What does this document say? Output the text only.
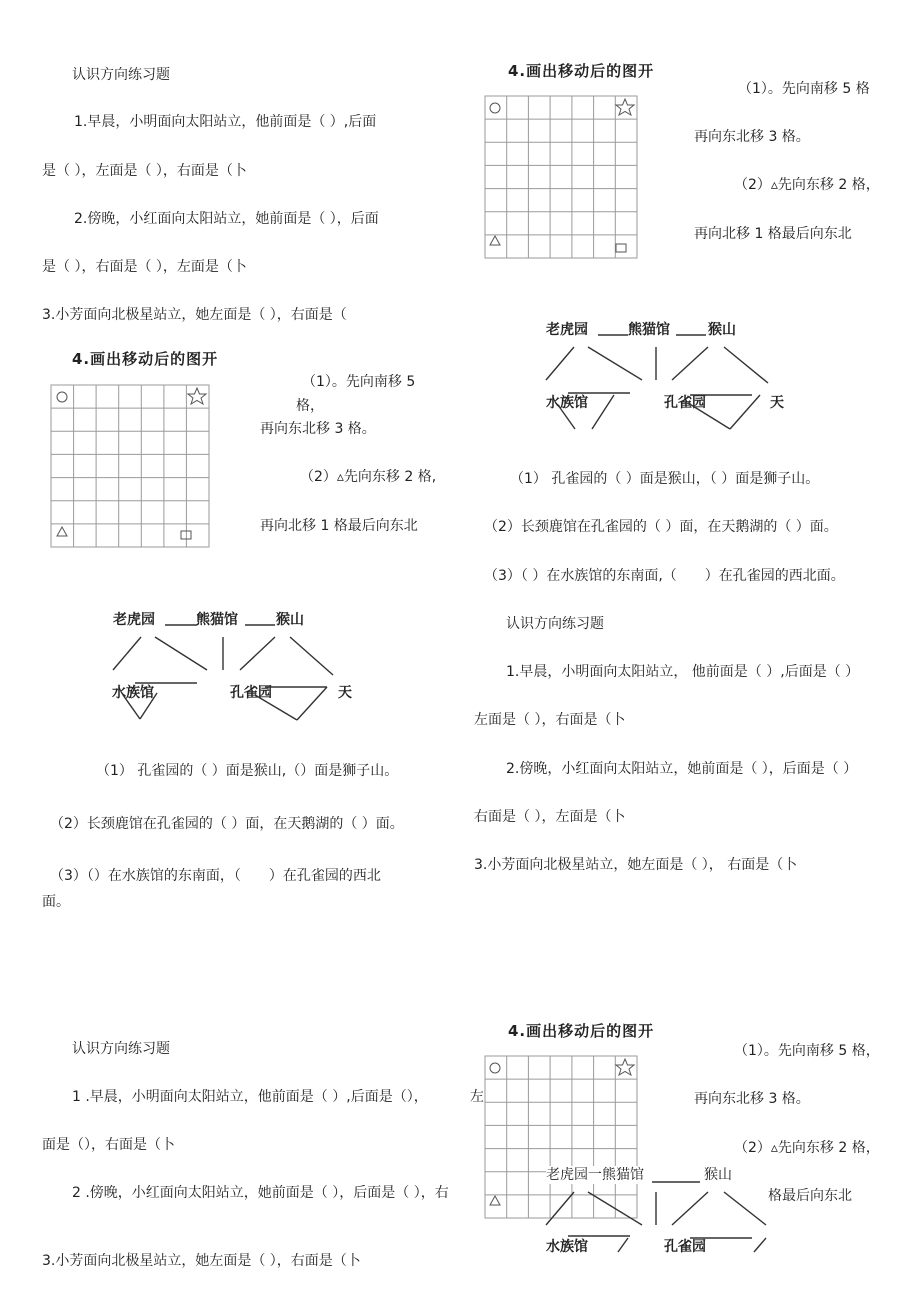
认识方向练习题
1.早晨，小明面向太阳站立，他前面是（ ）,后面
是（ ），左面是（ ），右面是（卜
2.傍晚，小红面向太阳站立，她前面是（ ），后面
是（ ），右面是（ ），左面是（卜
3.小芳面向北极星站立，她左面是（ ），右面是（
4.画出移动后的图开
（1）。先向南移 5
格，
再向东北移 3 格。
（2）▵先向东移 2 格,
再向北移 1 格最后向东北
老虎园	熊猫馆	猴山
水族馆	孔雀园	天
（1） 孔雀园的（ ）面是猴山,（）面是狮子山。
（2）长颈鹿馆在孔雀园的（ ）面，在天鹅湖的（ ）面。
（3）（）在水族馆的东南面，（　　）在孔雀园的西北
面。
4.画出移动后的图开
（1）。先向南移 5 格
再向东北移 3 格。
（2）▵先向东移 2 格，
再向北移 1 格最后向东北
老虎园	熊猫馆	猴山
水族馆	孔雀园	天
（1） 孔雀园的（ ）面是猴山，（ ）面是狮子山。
（2）长颈鹿馆在孔雀园的（ ）面，在天鹅湖的（ ）面。
（3）（ ）在水族馆的东南面,（　　）在孔雀园的西北面。
认识方向练习题
1.早晨，小明面向太阳站立， 他前面是（ ）,后面是（ ）
左面是（ ），右面是（卜
2.傍晚，小红面向太阳站立，她前面是（ ），后面是（ ）
右面是（ ），左面是（卜
3.小芳面向北极星站立，她左面是（ ）， 右面是（卜
认识方向练习题
1 .早晨，小明面向太阳站立，他前面是（ ）,后面是（），	左
面是（），右面是（卜
2 .傍晚，小红面向太阳站立，她前面是（ ），后面是（ ），右
3.小芳面向北极星站立，她左面是（ ），右面是（卜
4.画出移动后的图开
（1）。先向南移 5 格，
再向东北移 3 格。
（2）▵先向东移 2 格，
格最后向东北
老虎园一熊猫馆	猴山
水族馆	孔雀园
